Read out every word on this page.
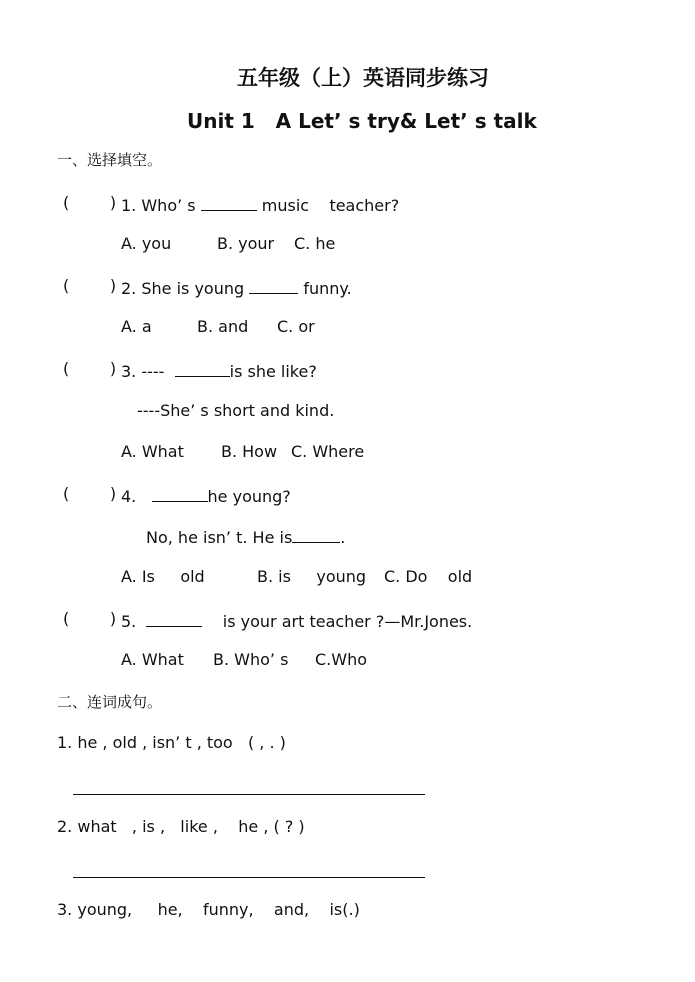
五年级（上）英语同步练习
Unit 1   A Let’ s try& Let’ s talk
一、选择填空。
(        ) 1. Who’ s	music    teacher?
A. you	B. your C. he
(        ) 2. She is young	funny.
A. a	B. and C. or
(        ) 3. ----	is she like?
----She’ s short and kind.
A. What B. How C. Where
(        ) 4.	he young?
No, he isn’ t. He is	.
A. Is     old	B. is     young C. Do    old
(        ) 5.	is your art teacher ?—Mr.Jones.
A. What B. Who’ s C.Who
二、连词成句。
1. he , old , isn’ t , too   ( , . )
2. what   , is ,   like ,    he , ( ? )
3. young,     he,    funny,    and,    is(.)
